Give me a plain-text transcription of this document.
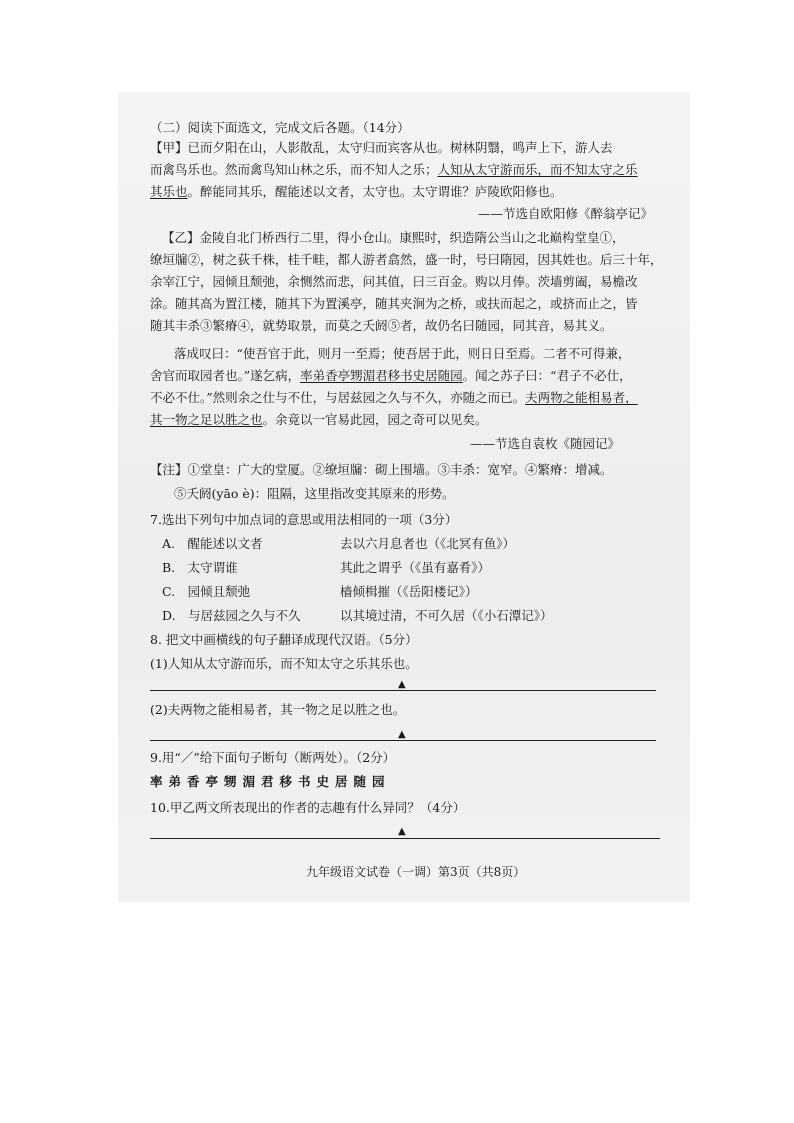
（二）阅读下面选文，完成文后各题。（14分）
【甲】已而夕阳在山，人影散乱，太守归而宾客从也。树林阴翳，鸣声上下，游人去
而禽鸟乐也。然而禽鸟知山林之乐，而不知人之乐；人知从太守游而乐，而不知太守之乐
其乐也。醉能同其乐，醒能述以文者，太守也。太守谓谁？庐陵欧阳修也。
——节选自欧阳修《醉翁亭记》
【乙】金陵自北门桥西行二里，得小仓山。康熙时，织造隋公当山之北巅构堂皇①，
缭垣牖②，树之荻千株，桂千畦，都人游者翕然，盛一时，号曰隋园，因其姓也。后三十年，
余宰江宁，园倾且颓弛，余恻然而悲，问其值，曰三百金。购以月俸。茨墙剪阖，易檐改
涂。随其高为置江楼，随其下为置溪亭，随其夹涧为之桥，或扶而起之，或挤而止之，皆
随其丰杀③繁瘠④，就势取景，而莫之夭阏⑤者，故仍名曰随园，同其音，易其义。
落成叹曰：“使吾官于此，则月一至焉；使吾居于此，则日日至焉。二者不可得兼，
舍官而取园者也。”遂乞病，率弟香亭甥湄君移书史居随园。闻之苏子曰：“君子不必仕，
不必不仕。”然则余之仕与不仕，与居兹园之久与不久，亦随之而已。夫两物之能相易者，
其一物之足以胜之也。余竟以一官易此园，园之奇可以见矣。
——节选自袁枚《随园记》
【注】①堂皇：广大的堂厦。②缭垣牖：砌上围墙。③丰杀：宽窄。④繁瘠：增减。
⑤夭阏(yāo è)：阻隔，这里指改变其原来的形势。
7.选出下列句中加点词的意思或用法相同的一项（3分）
A.　醒能述以文者	去以六月息者也（《北冥有鱼》）
B.　太守谓谁	其此之谓乎（《虽有嘉肴》）
C.　园倾且颓弛	樯倾楫摧（《岳阳楼记》）
D.　与居兹园之久与不久	以其境过清，不可久居（《小石潭记》）
8. 把文中画横线的句子翻译成现代汉语。（5分）
(1)人知从太守游而乐，而不知太守之乐其乐也。
▲
(2)夫两物之能相易者，其一物之足以胜之也。
▲
9.用“／”给下面句子断句（断两处）。（2分）
率弟香亭甥湄君移书史居随园
10.甲乙两文所表现出的作者的志趣有什么异同？（4分）
▲
九年级语文试卷（一调）第3页（共8页）
